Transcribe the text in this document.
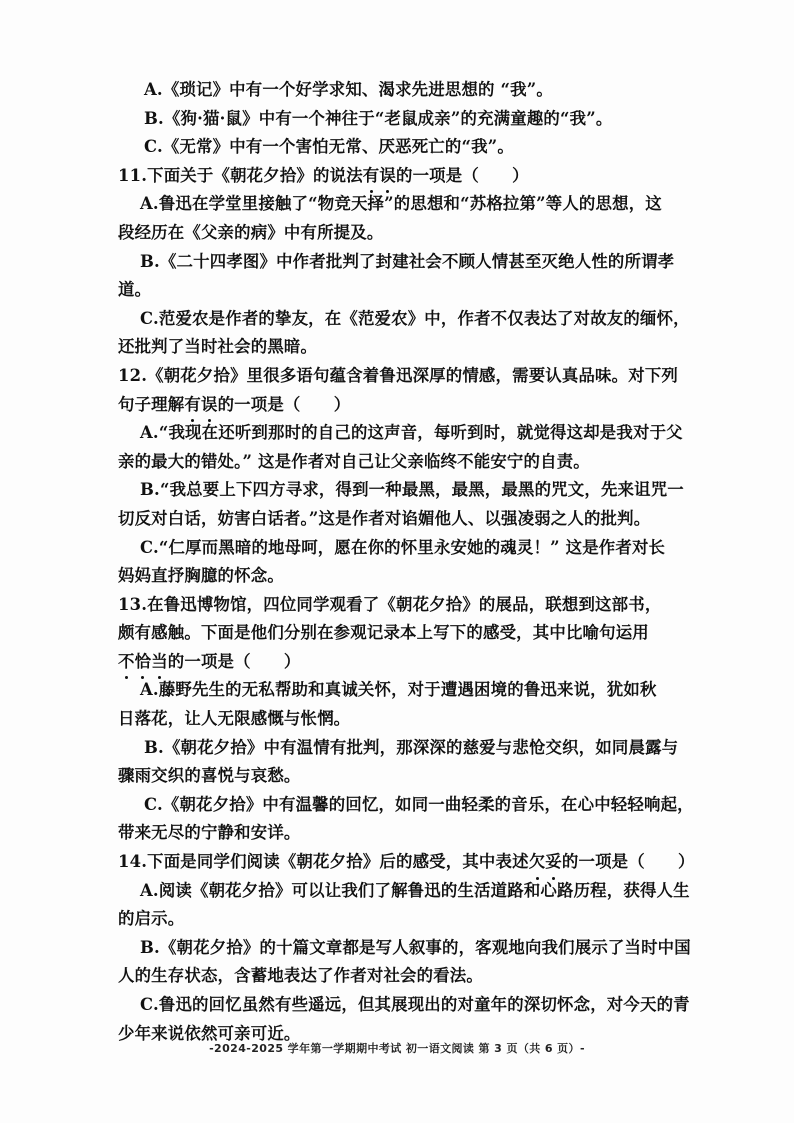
A.《琐记》中有一个好学求知、渴求先进思想的 “我”。
B.《狗·猫·鼠》中有一个神往于“老鼠成亲”的充满童趣的“我”。
C.《无常》中有一个害怕无常、厌恶死亡的“我”。
11.下面关于《朝花夕拾》的说法有误的一项是（　　）
A.鲁迅在学堂里接触了“物竞天择”的思想和“苏格拉第”等人的思想，这
段经历在《父亲的病》中有所提及。
B.《二十四孝图》中作者批判了封建社会不顾人情甚至灭绝人性的所谓孝
道。
C.范爱农是作者的挚友，在《范爱农》中，作者不仅表达了对故友的缅怀，
还批判了当时社会的黑暗。
12.《朝花夕拾》里很多语句蕴含着鲁迅深厚的情感，需要认真品味。对下列
句子理解有误的一项是（　　）
A.“我现在还听到那时的自己的这声音，每听到时，就觉得这却是我对于父
亲的最大的错处。” 这是作者对自己让父亲临终不能安宁的自责。
B.“我总要上下四方寻求，得到一种最黑，最黑，最黑的咒文，先来诅咒一
切反对白话，妨害白话者。”这是作者对谄媚他人、以强凌弱之人的批判。
C.“仁厚而黑暗的地母呵，愿在你的怀里永安她的魂灵！” 这是作者对长
妈妈直抒胸臆的怀念。
13.在鲁迅博物馆，四位同学观看了《朝花夕拾》的展品，联想到这部书，
颇有感触。下面是他们分别在参观记录本上写下的感受，其中比喻句运用
不恰当的一项是（　　）
A.藤野先生的无私帮助和真诚关怀，对于遭遇困境的鲁迅来说，犹如秋
日落花，让人无限感慨与怅惘。
B.《朝花夕拾》中有温情有批判，那深深的慈爱与悲怆交织，如同晨露与
骤雨交织的喜悦与哀愁。
C.《朝花夕拾》中有温馨的回忆，如同一曲轻柔的音乐，在心中轻轻响起，
带来无尽的宁静和安详。
14.下面是同学们阅读《朝花夕拾》后的感受，其中表述欠妥的一项是（　　）
A.阅读《朝花夕拾》可以让我们了解鲁迅的生活道路和心路历程，获得人生
的启示。
B.《朝花夕拾》的十篇文章都是写人叙事的，客观地向我们展示了当时中国
人的生存状态，含蓄地表达了作者对社会的看法。
C.鲁迅的回忆虽然有些遥远，但其展现出的对童年的深切怀念，对今天的青
少年来说依然可亲可近。
-2024-2025 学年第一学期期中考试 初一语文阅读 第 3 页（共 6 页）-
